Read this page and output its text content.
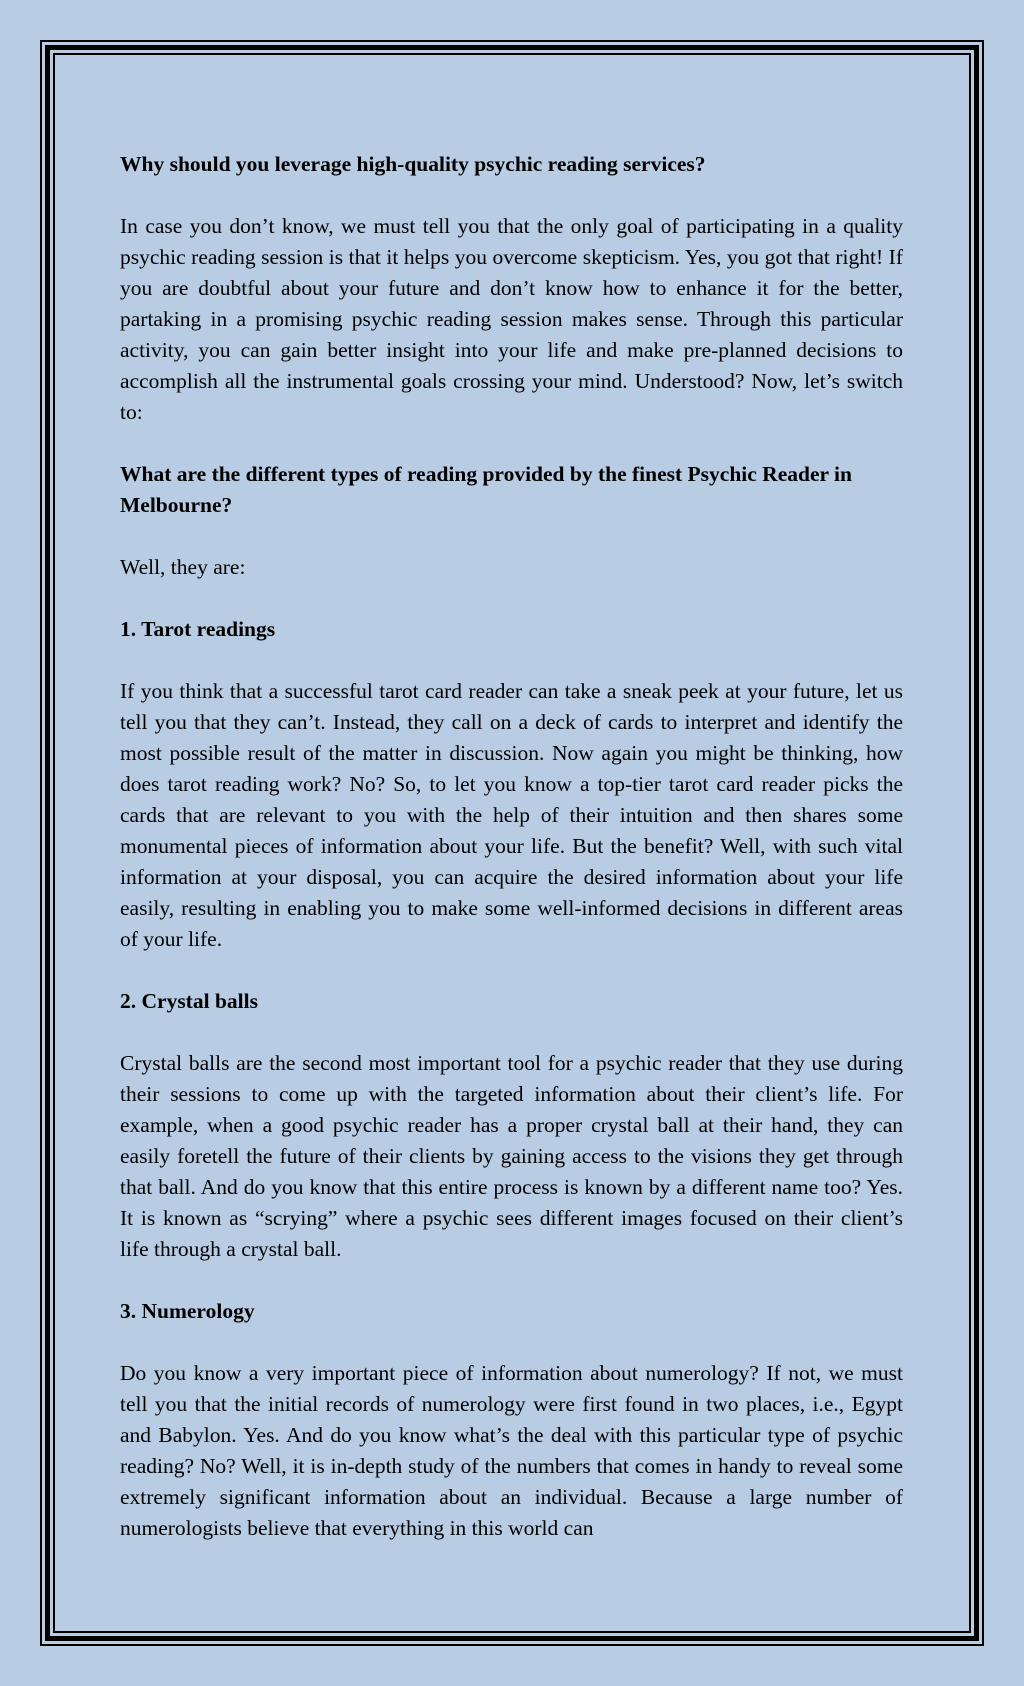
Why should you leverage high-quality psychic reading services?

In case you don’t know, we must tell you that the only goal of participating in a quality psychic reading session is that it helps you overcome skepticism. Yes, you got that right! If you are doubtful about your future and don’t know how to enhance it for the better, partaking in a promising psychic reading session makes sense. Through this particular activity, you can gain better insight into your life and make pre-planned decisions to accomplish all the instrumental goals crossing your mind. Understood? Now, let’s switch to:

What are the different types of reading provided by the finest Psychic Reader in Melbourne?

Well, they are:

1. Tarot readings

If you think that a successful tarot card reader can take a sneak peek at your future, let us tell you that they can’t. Instead, they call on a deck of cards to interpret and identify the most possible result of the matter in discussion. Now again you might be thinking, how does tarot reading work? No? So, to let you know a top-tier tarot card reader picks the cards that are relevant to you with the help of their intuition and then shares some monumental pieces of information about your life. But the benefit? Well, with such vital information at your disposal, you can acquire the desired information about your life easily, resulting in enabling you to make some well-informed decisions in different areas of your life.

2. Crystal balls

Crystal balls are the second most important tool for a psychic reader that they use during their sessions to come up with the targeted information about their client’s life. For example, when a good psychic reader has a proper crystal ball at their hand, they can easily foretell the future of their clients by gaining access to the visions they get through that ball. And do you know that this entire process is known by a different name too? Yes. It is known as “scrying” where a psychic sees different images focused on their client’s life through a crystal ball.

3. Numerology

Do you know a very important piece of information about numerology? If not, we must tell you that the initial records of numerology were first found in two places, i.e., Egypt and Babylon. Yes. And do you know what’s the deal with this particular type of psychic reading? No? Well, it is in-depth study of the numbers that comes in handy to reveal some extremely significant information about an individual. Because a large number of numerologists believe that everything in this world can
